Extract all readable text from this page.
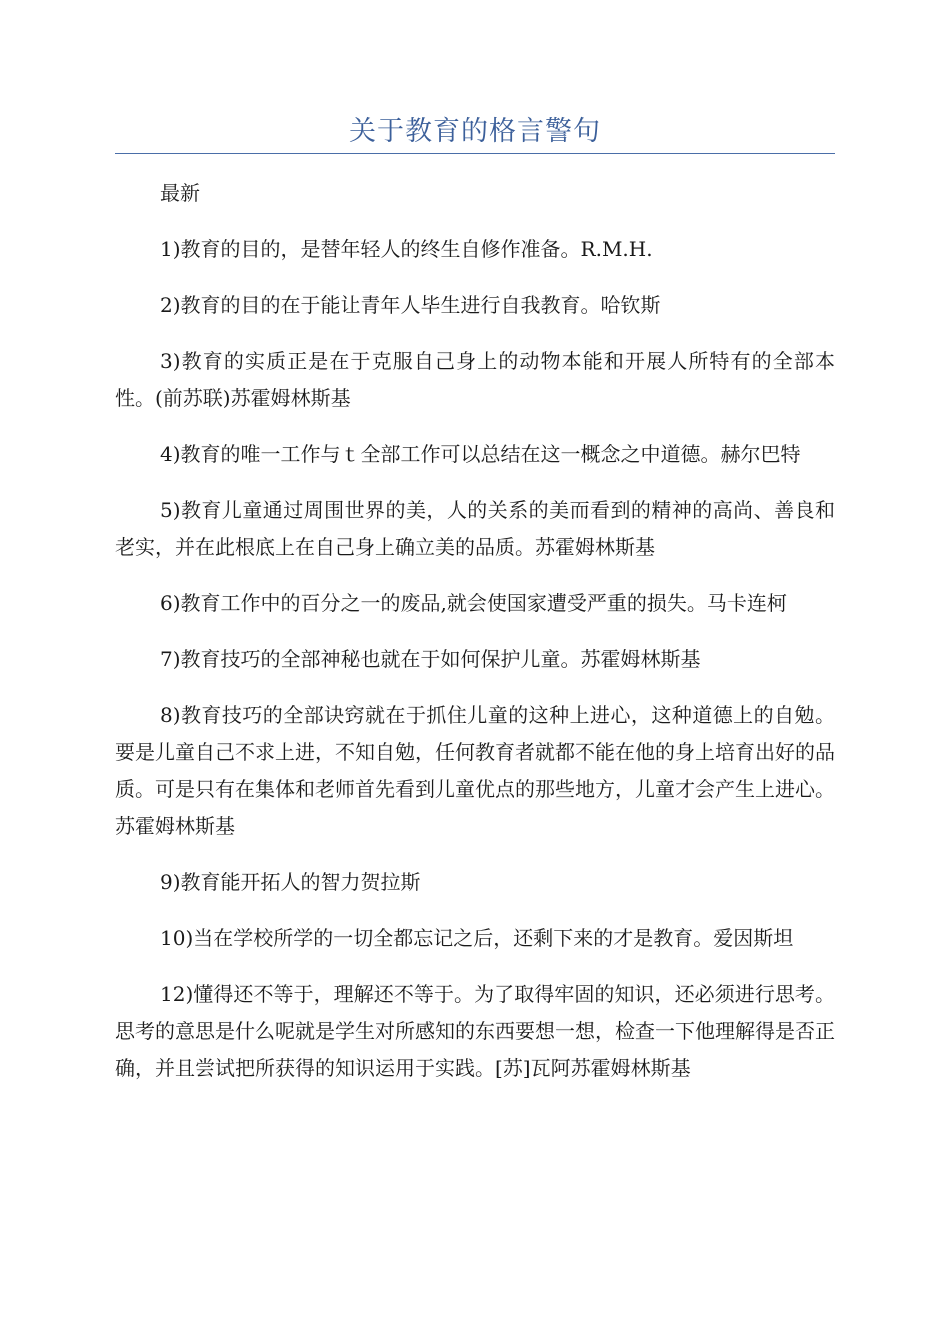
关于教育的格言警句

最新

1)教育的目的，是替年轻人的终生自修作准备。R.M.H.

2)教育的目的在于能让青年人毕生进行自我教育。哈钦斯

3)教育的实质正是在于克服自己身上的动物本能和开展人所特有的全部本性。(前苏联)苏霍姆林斯基

4)教育的唯一工作与ｔ全部工作可以总结在这一概念之中道德。赫尔巴特

5)教育儿童通过周围世界的美，人的关系的美而看到的精神的高尚、善良和老实，并在此根底上在自己身上确立美的品质。苏霍姆林斯基

6)教育工作中的百分之一的废品,就会使国家遭受严重的损失。马卡连柯

7)教育技巧的全部神秘也就在于如何保护儿童。苏霍姆林斯基

8)教育技巧的全部诀窍就在于抓住儿童的这种上进心，这种道德上的自勉。要是儿童自己不求上进，不知自勉，任何教育者就都不能在他的身上培育出好的品质。可是只有在集体和老师首先看到儿童优点的那些地方，儿童才会产生上进心。苏霍姆林斯基

9)教育能开拓人的智力贺拉斯

10)当在学校所学的一切全都忘记之后，还剩下来的才是教育。爱因斯坦

12)懂得还不等于，理解还不等于。为了取得牢固的知识，还必须进行思考。思考的意思是什么呢就是学生对所感知的东西要想一想，检查一下他理解得是否正确，并且尝试把所获得的知识运用于实践。[苏]瓦阿苏霍姆林斯基
